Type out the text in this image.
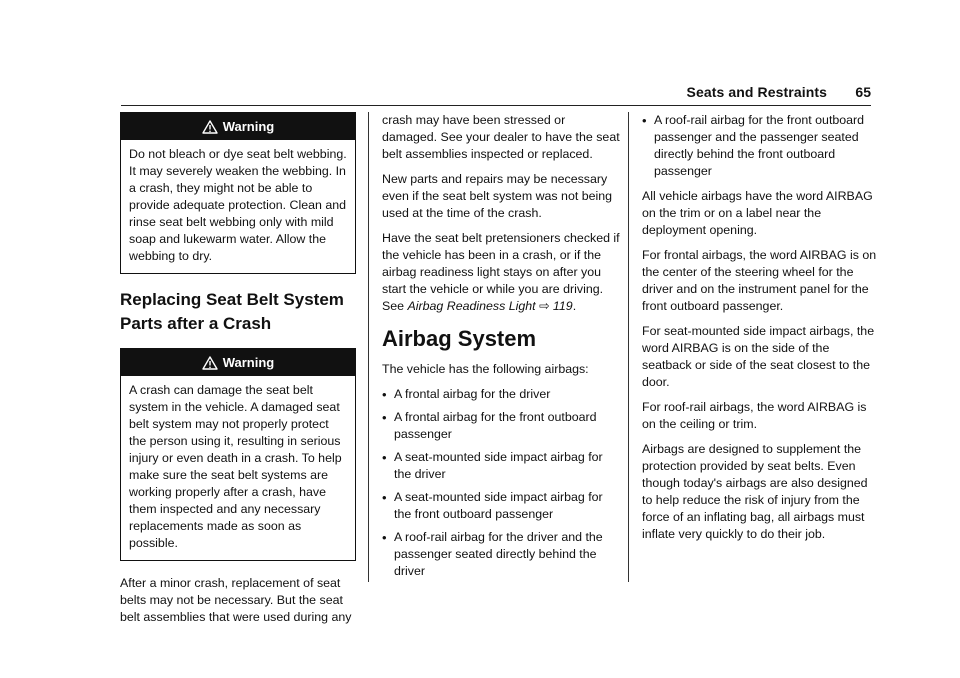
Seats and Restraints 65
Warning
Do not bleach or dye seat belt webbing. It may severely weaken the webbing. In a crash, they might not be able to provide adequate protection. Clean and rinse seat belt webbing only with mild soap and lukewarm water. Allow the webbing to dry.
Replacing Seat Belt System Parts after a Crash
Warning
A crash can damage the seat belt system in the vehicle. A damaged seat belt system may not properly protect the person using it, resulting in serious injury or even death in a crash. To help make sure the seat belt systems are working properly after a crash, have them inspected and any necessary replacements made as soon as possible.

After a minor crash, replacement of seat belts may not be necessary. But the seat belt assemblies that were used during any

crash may have been stressed or damaged. See your dealer to have the seat belt assemblies inspected or replaced.

New parts and repairs may be necessary even if the seat belt system was not being used at the time of the crash.

Have the seat belt pretensioners checked if the vehicle has been in a crash, or if the airbag readiness light stays on after you start the vehicle or while you are driving. See Airbag Readiness Light ⇨ 119.

Airbag System

The vehicle has the following airbags:

• A frontal airbag for the driver
• A frontal airbag for the front outboard passenger
• A seat-mounted side impact airbag for the driver
• A seat-mounted side impact airbag for the front outboard passenger
• A roof-rail airbag for the driver and the passenger seated directly behind the driver
• A roof-rail airbag for the front outboard passenger and the passenger seated directly behind the front outboard passenger

All vehicle airbags have the word AIRBAG on the trim or on a label near the deployment opening.

For frontal airbags, the word AIRBAG is on the center of the steering wheel for the driver and on the instrument panel for the front outboard passenger.

For seat-mounted side impact airbags, the word AIRBAG is on the side of the seatback or side of the seat closest to the door.

For roof-rail airbags, the word AIRBAG is on the ceiling or trim.

Airbags are designed to supplement the protection provided by seat belts. Even though today's airbags are also designed to help reduce the risk of injury from the force of an inflating bag, all airbags must inflate very quickly to do their job.
